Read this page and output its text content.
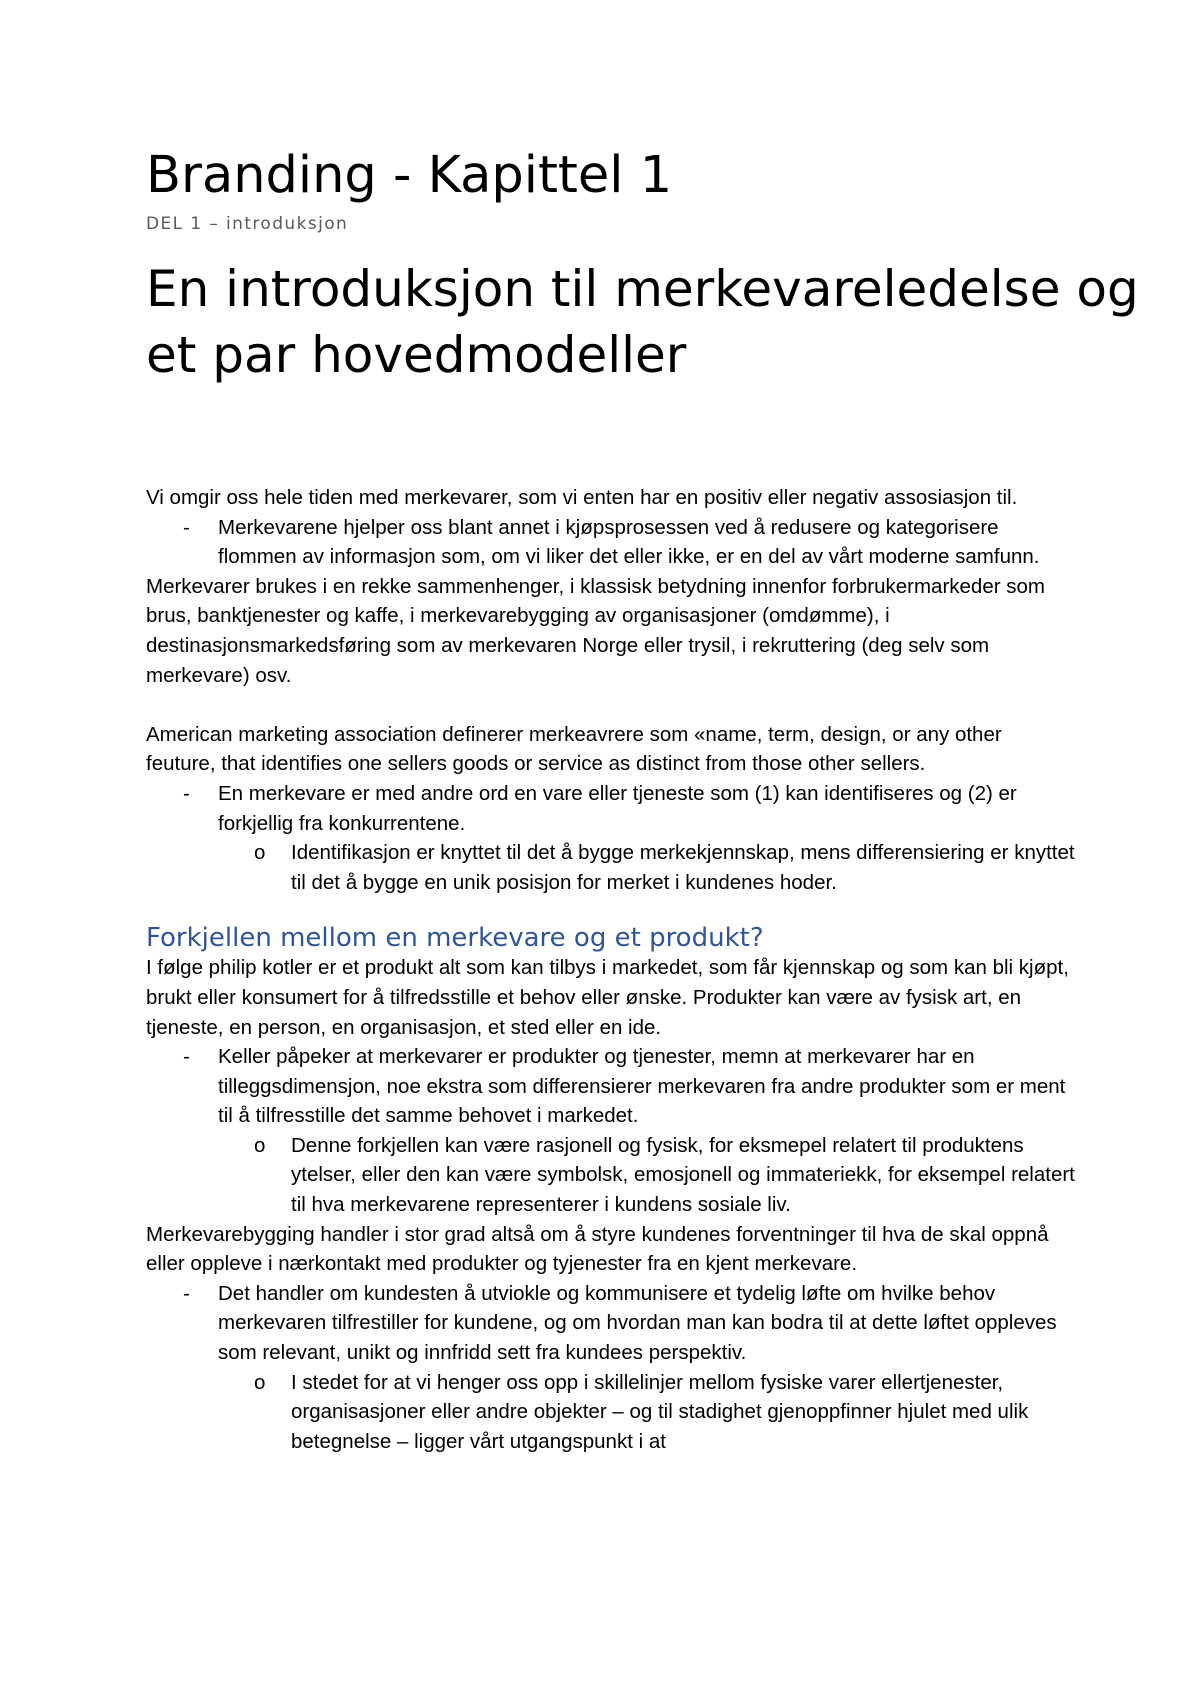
Branding - Kapittel 1
DEL 1 – introduksjon
En introduksjon til merkevareledelse og et par hovedmodeller

Vi omgir oss hele tiden med merkevarer, som vi enten har en positiv eller negativ assosiasjon til.

- Merkevarene hjelper oss blant annet i kjøpsprosessen ved å redusere og kategorisere flommen av informasjon som, om vi liker det eller ikke, er en del av vårt moderne samfunn.

Merkevarer brukes i en rekke sammenhenger, i klassisk betydning innenfor forbrukermarkeder som brus, banktjenester og kaffe, i merkevarebygging av organisasjoner (omdømme), i destinasjonsmarkedsføring som av merkevaren Norge eller trysil, i rekruttering (deg selv som merkevare) osv.

American marketing association definerer merkeavrere som «name, term, design, or any other feuture, that identifies one sellers goods or service as distinct from those other sellers.

- En merkevare er med andre ord en vare eller tjeneste som (1) kan identifiseres og (2) er forkjellig fra konkurrentene.
o Identifikasjon er knyttet til det å bygge merkekjennskap, mens differensiering er knyttet til det å bygge en unik posisjon for merket i kundenes hoder.
Forkjellen mellom en merkevare og et produkt?

I følge philip kotler er et produkt alt som kan tilbys i markedet, som får kjennskap og som kan bli kjøpt, brukt eller konsumert for å tilfredsstille et behov eller ønske. Produkter kan være av fysisk art, en tjeneste, en person, en organisasjon, et sted eller en ide.

- Keller påpeker at merkevarer er produkter og tjenester, memn at merkevarer har en tilleggsdimensjon, noe ekstra som differensierer merkevaren fra andre produkter som er ment til å tilfresstille det samme behovet i markedet.
o Denne forkjellen kan være rasjonell og fysisk, for eksmepel relatert til produktens ytelser, eller den kan være symbolsk, emosjonell og immateriekk, for eksempel relatert til hva merkevarene representerer i kundens sosiale liv.

Merkevarebygging handler i stor grad altså om å styre kundenes forventninger til hva de skal oppnå eller oppleve i nærkontakt med produkter og tyjenester fra en kjent merkevare.

- Det handler om kundesten å utviokle og kommunisere et tydelig løfte om hvilke behov merkevaren tilfrestiller for kundene, og om hvordan man kan bodra til at dette løftet oppleves som relevant, unikt og innfridd sett fra kundees perspektiv.
o I stedet for at vi henger oss opp i skillelinjer mellom fysiske varer ellertjenester, organisasjoner eller andre objekter – og til stadighet gjenoppfinner hjulet med ulik betegnelse – ligger vårt utgangspunkt i at
